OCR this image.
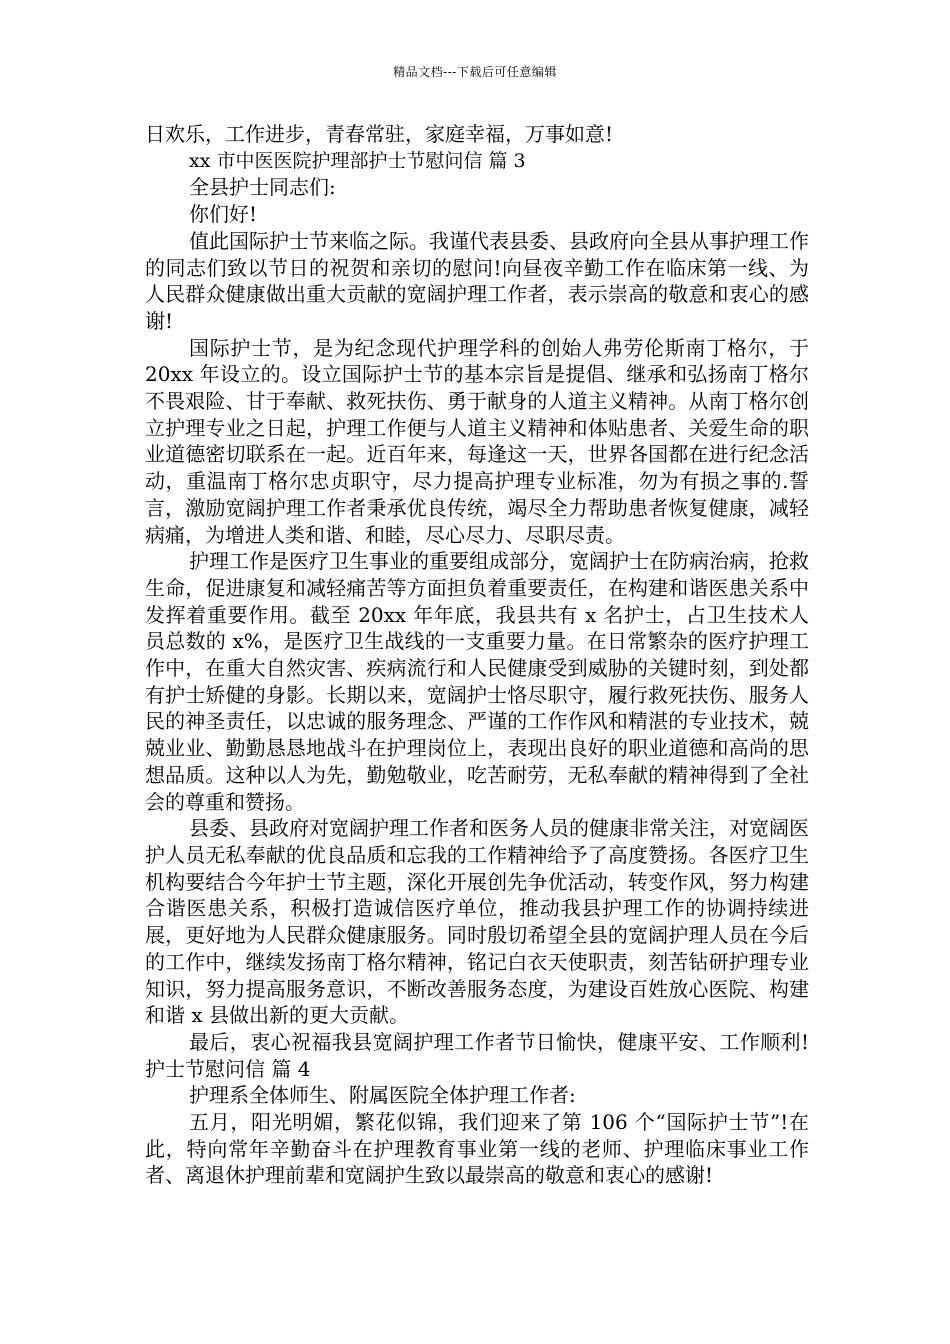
精品文档---下载后可任意编辑

日欢乐，工作进步，青春常驻，家庭幸福，万事如意!

xx 市中医医院护理部护士节慰问信 篇 3

全县护士同志们:

你们好!

值此国际护士节来临之际。我谨代表县委、县政府向全县从事护理工作的同志们致以节日的祝贺和亲切的慰问!向昼夜辛勤工作在临床第一线、为人民群众健康做出重大贡献的宽阔护理工作者，表示崇高的敬意和衷心的感谢!

国际护士节，是为纪念现代护理学科的创始人弗劳伦斯南丁格尔，于 20xx 年设立的。设立国际护士节的基本宗旨是提倡、继承和弘扬南丁格尔不畏艰险、甘于奉献、救死扶伤、勇于献身的人道主义精神。从南丁格尔创立护理专业之日起，护理工作便与人道主义精神和体贴患者、关爱生命的职业道德密切联系在一起。近百年来，每逢这一天，世界各国都在进行纪念活动，重温南丁格尔忠贞职守，尽力提高护理专业标准，勿为有损之事的.誓言，激励宽阔护理工作者秉承优良传统，竭尽全力帮助患者恢复健康，减轻病痛，为增进人类和谐、和睦，尽心尽力、尽职尽责。

护理工作是医疗卫生事业的重要组成部分，宽阔护士在防病治病，抢救生命，促进康复和减轻痛苦等方面担负着重要责任，在构建和谐医患关系中发挥着重要作用。截至 20xx 年年底，我县共有 x 名护士，占卫生技术人员总数的 x%，是医疗卫生战线的一支重要力量。在日常繁杂的医疗护理工作中，在重大自然灾害、疾病流行和人民健康受到威胁的关键时刻，到处都有护士矫健的身影。长期以来，宽阔护士恪尽职守，履行救死扶伤、服务人民的神圣责任，以忠诚的服务理念、严谨的工作作风和精湛的专业技术，兢兢业业、勤勤恳恳地战斗在护理岗位上，表现出良好的职业道德和高尚的思想品质。这种以人为先，勤勉敬业，吃苦耐劳，无私奉献的精神得到了全社会的尊重和赞扬。

县委、县政府对宽阔护理工作者和医务人员的健康非常关注，对宽阔医护人员无私奉献的优良品质和忘我的工作精神给予了高度赞扬。各医疗卫生机构要结合今年护士节主题，深化开展创先争优活动，转变作风，努力构建合谐医患关系，积极打造诚信医疗单位，推动我县护理工作的协调持续进展，更好地为人民群众健康服务。同时殷切希望全县的宽阔护理人员在今后的工作中，继续发扬南丁格尔精神，铭记白衣天使职责，刻苦钻研护理专业知识，努力提高服务意识，不断改善服务态度，为建设百姓放心医院、构建和谐 x 县做出新的更大贡献。

最后，衷心祝福我县宽阔护理工作者节日愉快，健康平安、工作顺利!护士节慰问信 篇 4

护理系全体师生、附属医院全体护理工作者:

五月，阳光明媚，繁花似锦，我们迎来了第 106 个“国际护士节”!在此，特向常年辛勤奋斗在护理教育事业第一线的老师、护理临床事业工作者、离退休护理前辈和宽阔护生致以最崇高的敬意和衷心的感谢!
